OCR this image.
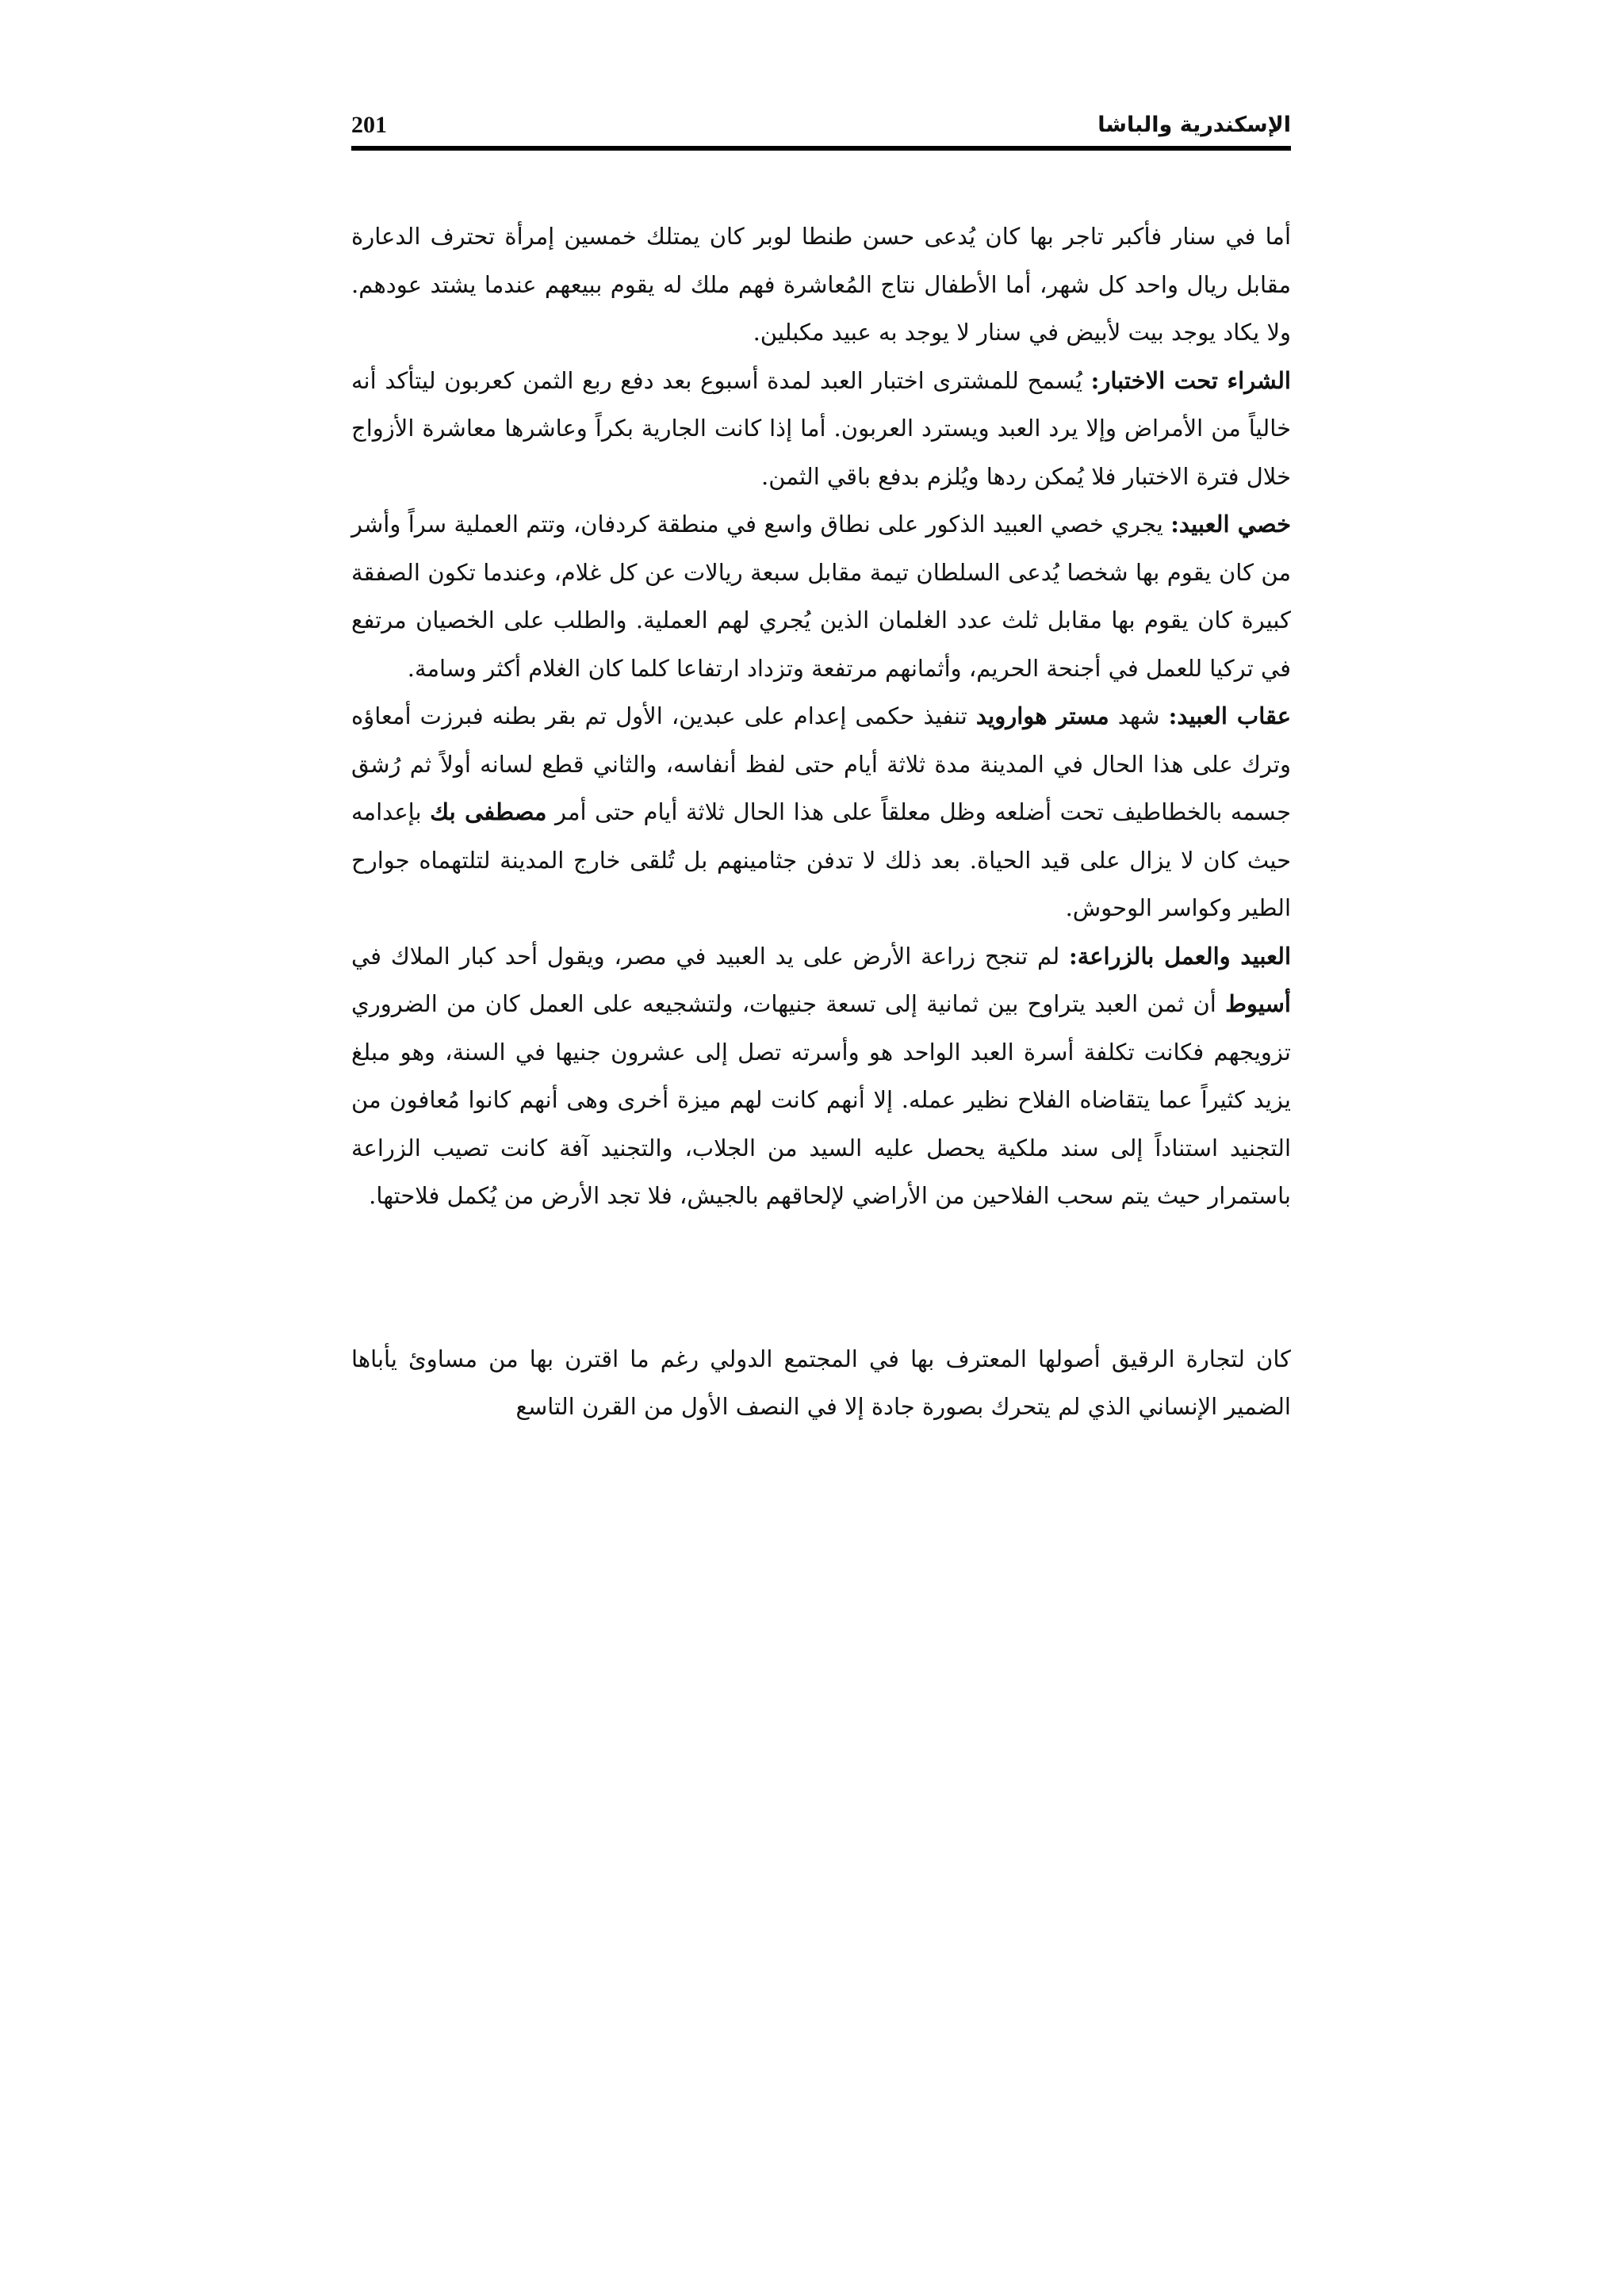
الإسكندرية والباشا
201

أما في سنار فأكبر تاجر بها كان يُدعى حسن طنطا لوبر كان يمتلك خمسين إمرأة تحترف الدعارة مقابل ريال واحد كل شهر، أما الأطفال نتاج المُعاشرة فهم ملك له يقوم ببيعهم عندما يشتد عودهم. ولا يكاد يوجد بيت لأبيض في سنار لا يوجد به عبيد مكبلين.

الشراء تحت الاختبار: يُسمح للمشترى اختبار العبد لمدة أسبوع بعد دفع ربع الثمن كعربون ليتأكد أنه خالياً من الأمراض وإلا يرد العبد ويسترد العربون. أما إذا كانت الجارية بكراً وعاشرها معاشرة الأزواج خلال فترة الاختبار فلا يُمكن ردها ويُلزم بدفع باقي الثمن.

خصي العبيد: يجري خصي العبيد الذكور على نطاق واسع في منطقة كردفان، وتتم العملية سراً وأشر من كان يقوم بها شخصا يُدعى السلطان تيمة مقابل سبعة ريالات عن كل غلام، وعندما تكون الصفقة كبيرة كان يقوم بها مقابل ثلث عدد الغلمان الذين يُجري لهم العملية. والطلب على الخصيان مرتفع في تركيا للعمل في أجنحة الحريم، وأثمانهم مرتفعة وتزداد ارتفاعا كلما كان الغلام أكثر وسامة.

عقاب العبيد: شهد مستر هوارويد تنفيذ حكمى إعدام على عبدين، الأول تم بقر بطنه فبرزت أمعاؤه وترك على هذا الحال في المدينة مدة ثلاثة أيام حتى لفظ أنفاسه، والثاني قطع لسانه أولاً ثم رُشق جسمه بالخطاطيف تحت أضلعه وظل معلقاً على هذا الحال ثلاثة أيام حتى أمر مصطفى بك بإعدامه حيث كان لا يزال على قيد الحياة. بعد ذلك لا تدفن جثامينهم بل تُلقى خارج المدينة لتلتهماه جوارح الطير وكواسر الوحوش.

العبيد والعمل بالزراعة: لم تنجح زراعة الأرض على يد العبيد في مصر، ويقول أحد كبار الملاك في أسيوط أن ثمن العبد يتراوح بين ثمانية إلى تسعة جنيهات، ولتشجيعه على العمل كان من الضروري تزويجهم فكانت تكلفة أسرة العبد الواحد هو وأسرته تصل إلى عشرون جنيها في السنة، وهو مبلغ يزيد كثيراً عما يتقاضاه الفلاح نظير عمله. إلا أنهم كانت لهم ميزة أخرى وهى أنهم كانوا مُعافون من التجنيد استناداً إلى سند ملكية يحصل عليه السيد من الجلاب، والتجنيد آفة كانت تصيب الزراعة باستمرار حيث يتم سحب الفلاحين من الأراضي لإلحاقهم بالجيش، فلا تجد الأرض من يُكمل فلاحتها.

كان لتجارة الرقيق أصولها المعترف بها في المجتمع الدولي رغم ما اقترن بها من مساوئ يأباها الضمير الإنساني الذي لم يتحرك بصورة جادة إلا في النصف الأول من القرن التاسع
